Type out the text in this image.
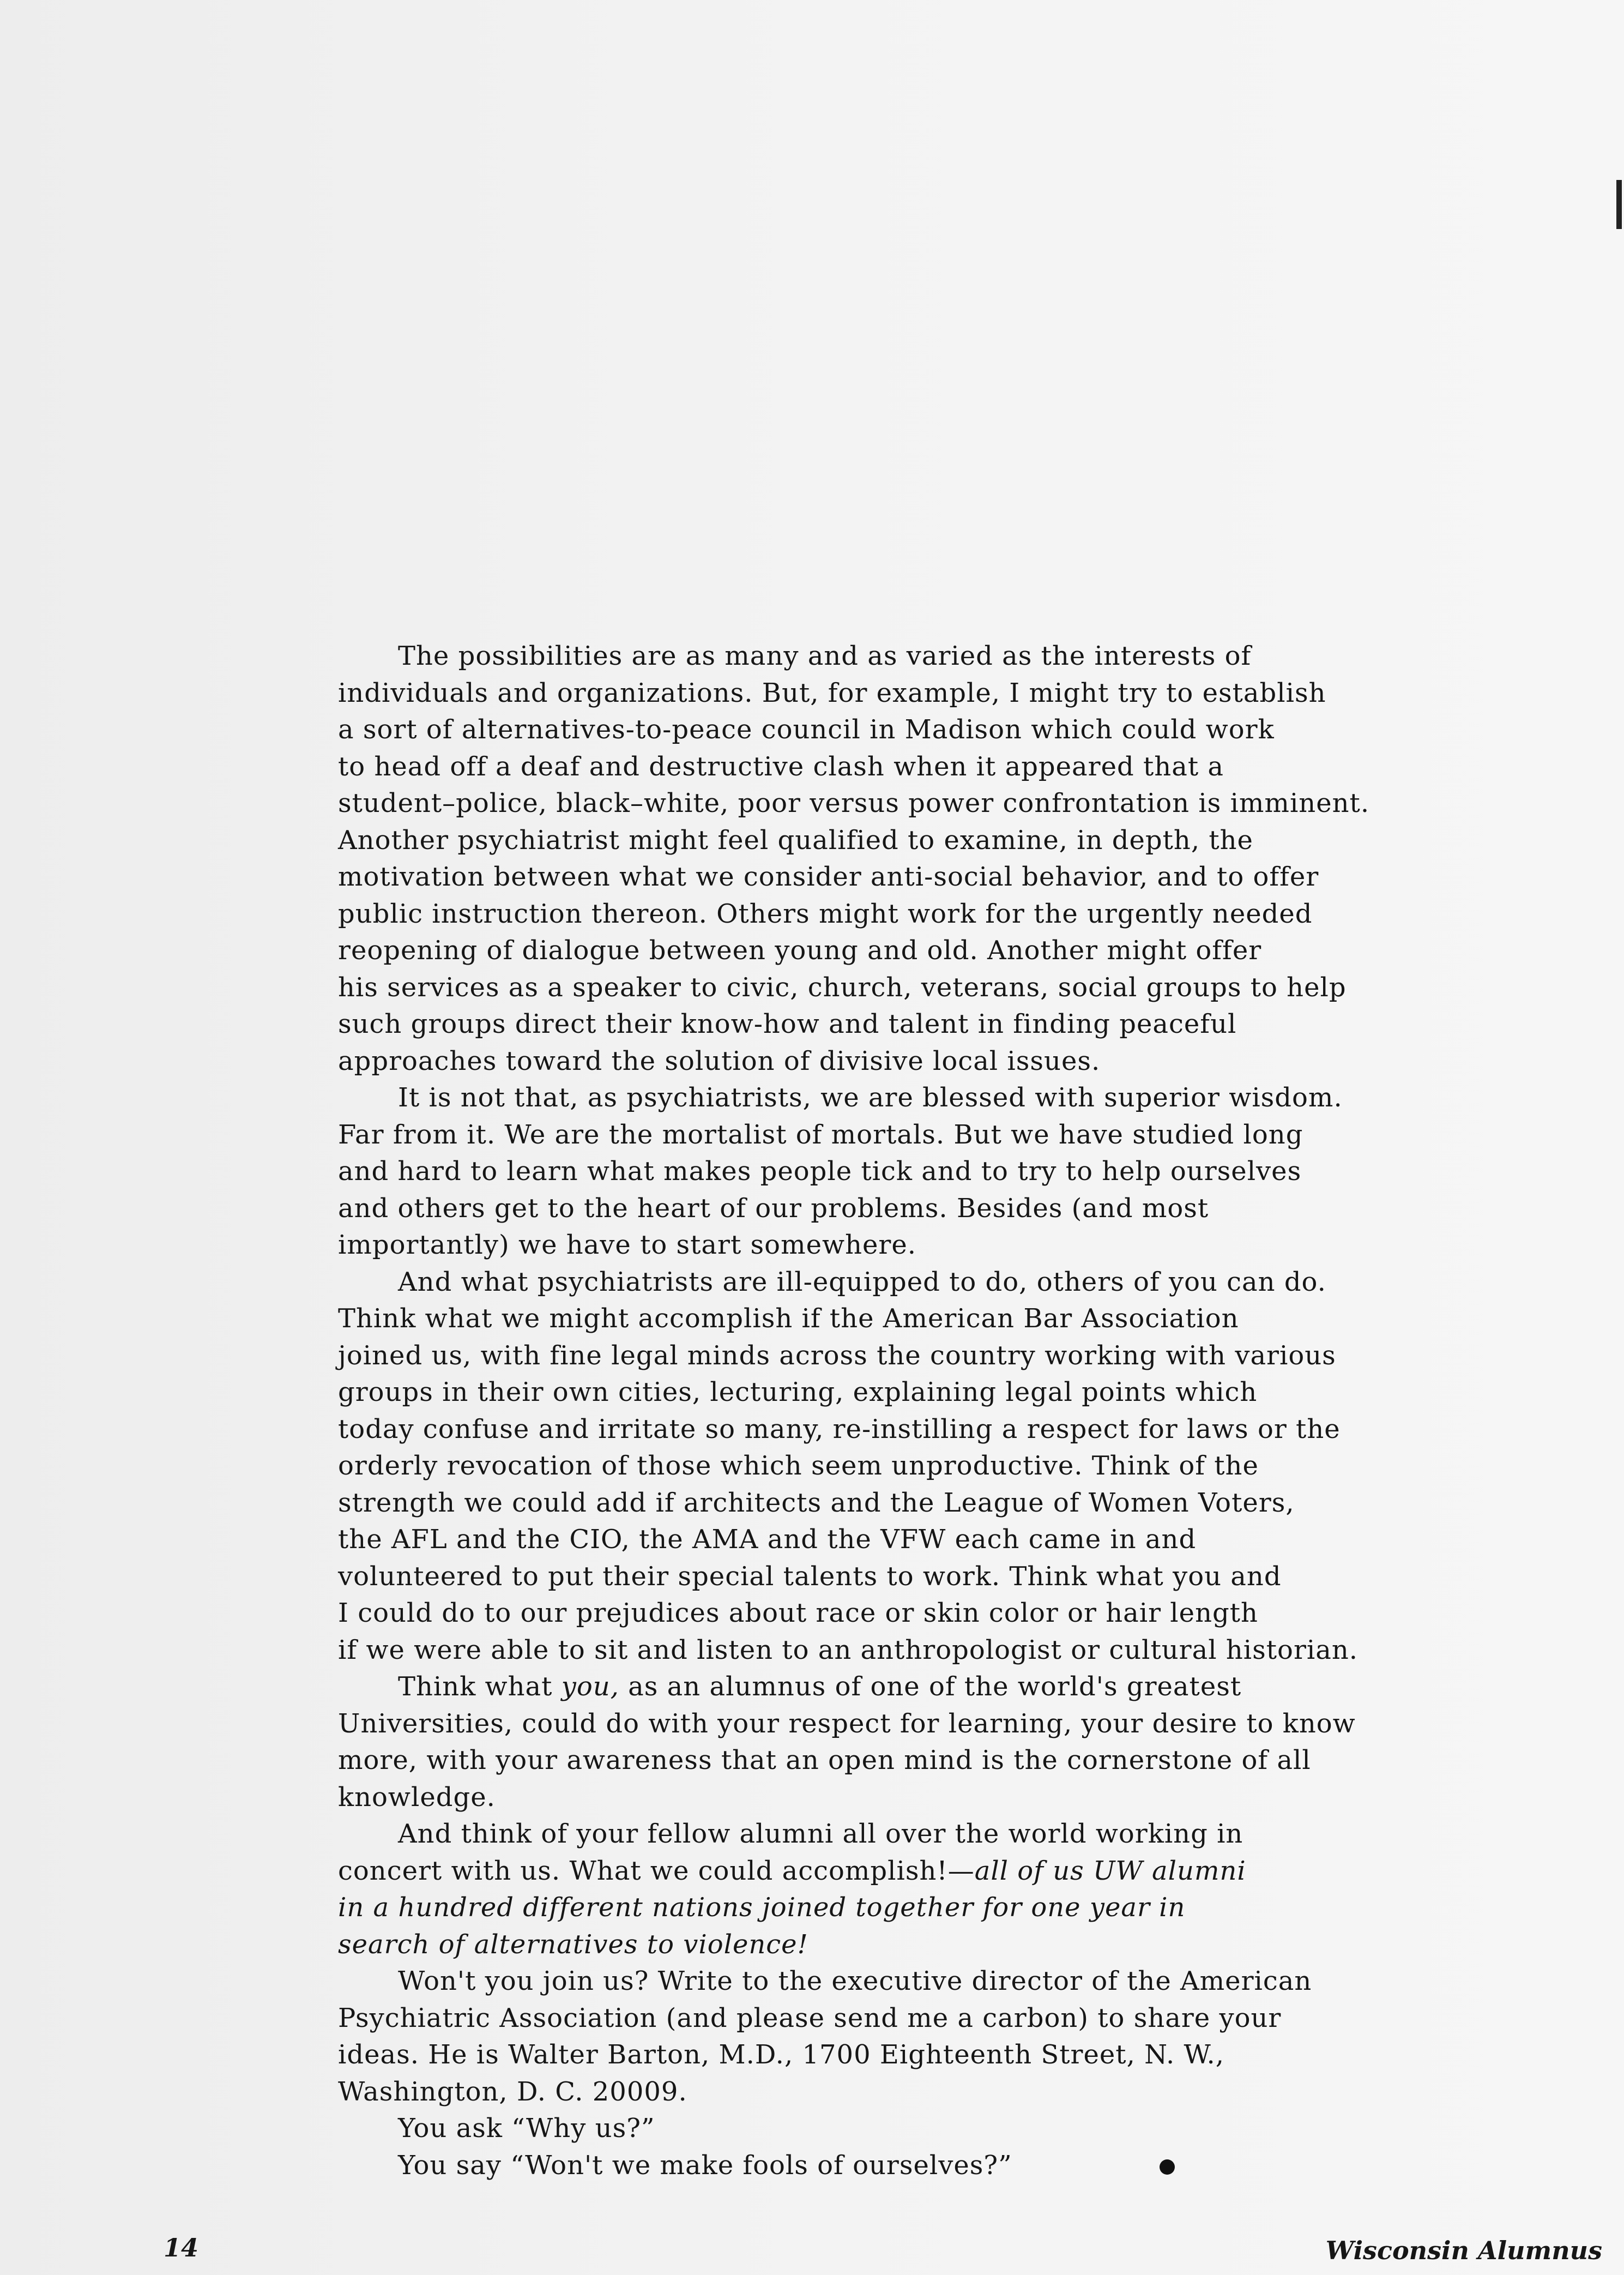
The possibilities are as many and as varied as the interests of
individuals and organizations. But, for example, I might try to establish
a sort of alternatives-to-peace council in Madison which could work
to head off a deaf and destructive clash when it appeared that a
student–police, black–white, poor versus power confrontation is imminent.
Another psychiatrist might feel qualified to examine, in depth, the
motivation between what we consider anti-social behavior, and to offer
public instruction thereon. Others might work for the urgently needed
reopening of dialogue between young and old. Another might offer
his services as a speaker to civic, church, veterans, social groups to help
such groups direct their know-how and talent in finding peaceful
approaches toward the solution of divisive local issues.
It is not that, as psychiatrists, we are blessed with superior wisdom.
Far from it. We are the mortalist of mortals. But we have studied long
and hard to learn what makes people tick and to try to help ourselves
and others get to the heart of our problems. Besides (and most
importantly) we have to start somewhere.
And what psychiatrists are ill-equipped to do, others of you can do.
Think what we might accomplish if the American Bar Association
joined us, with fine legal minds across the country working with various
groups in their own cities, lecturing, explaining legal points which
today confuse and irritate so many, re-instilling a respect for laws or the
orderly revocation of those which seem unproductive. Think of the
strength we could add if architects and the League of Women Voters,
the AFL and the CIO, the AMA and the VFW each came in and
volunteered to put their special talents to work. Think what you and
I could do to our prejudices about race or skin color or hair length
if we were able to sit and listen to an anthropologist or cultural historian.
Think what you, as an alumnus of one of the world's greatest
Universities, could do with your respect for learning, your desire to know
more, with your awareness that an open mind is the cornerstone of all
knowledge.
And think of your fellow alumni all over the world working in
concert with us. What we could accomplish!—all of us UW alumni
in a hundred different nations joined together for one year in
search of alternatives to violence!
Won't you join us? Write to the executive director of the American
Psychiatric Association (and please send me a carbon) to share your
ideas. He is Walter Barton, M.D., 1700 Eighteenth Street, N. W.,
Washington, D. C. 20009.
You ask “Why us?”
You say “Won't we make fools of ourselves?”
14	Wisconsin Alumnus
